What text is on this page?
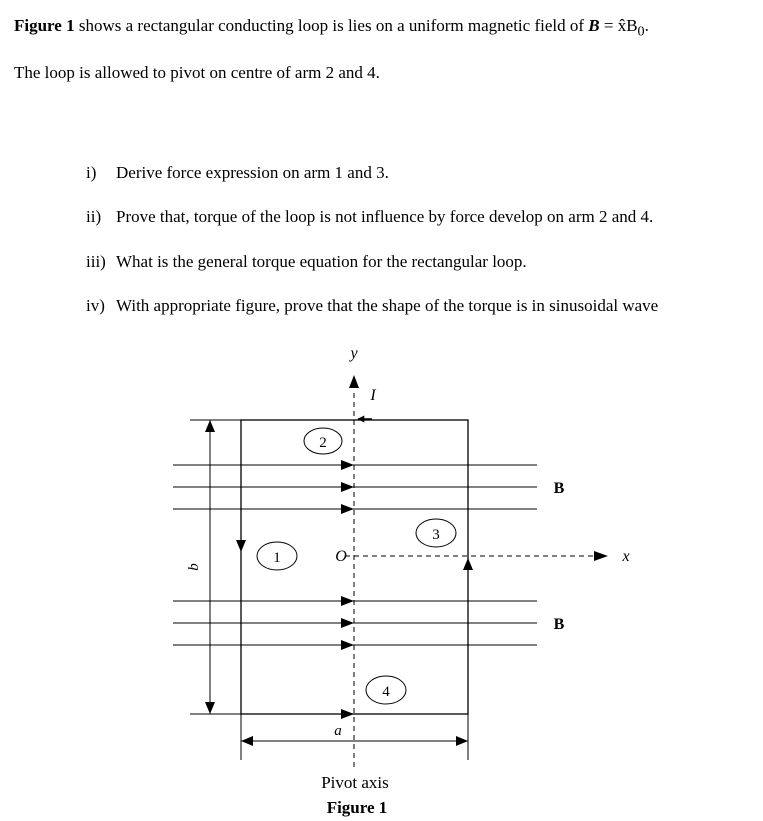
Figure 1 shows a rectangular conducting loop is lies on a uniform magnetic field of $B = x̂B_0$.
The loop is allowed to pivot on centre of arm 2 and 4.
i) Derive force expression on arm 1 and 3.
ii) Prove that, torque of the loop is not influence by force develop on arm 2 and 4.
iii) What is the general torque equation for the rectangular loop.
iv) With appropriate figure, prove that the shape of the torque is in sinusoidal wave
y
x
I
B
B
2
1
3
4
O
b
a
Pivot axis
Figure 1
